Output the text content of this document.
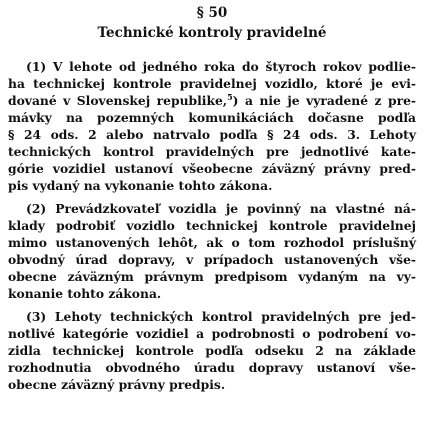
§ 50
Technické kontroly pravidelné
(1) V lehote od jedného roka do štyroch rokov podlie-
ha technickej kontrole pravidelnej vozidlo, ktoré je evi-
dované v Slovenskej republike,$^5$) a nie je vyradené z pre-
mávky na pozemných komunikáciách dočasne podľa
§ 24 ods. 2 alebo natrvalo podľa § 24 ods. 3. Lehoty
technických kontrol pravidelných pre jednotlivé kate-
górie vozidiel ustanoví všeobecne záväzný právny pred-
pis vydaný na vykonanie tohto zákona.
(2) Prevádzkovateľ vozidla je povinný na vlastné ná-
klady podrobiť vozidlo technickej kontrole pravidelnej
mimo ustanovených lehôt, ak o tom rozhodol príslušný
obvodný úrad dopravy, v prípadoch ustanovených vše-
obecne záväzným právnym predpisom vydaným na vy-
konanie tohto zákona.
(3) Lehoty technických kontrol pravidelných pre jed-
notlivé kategórie vozidiel a podrobnosti o podrobení vo-
zidla technickej kontrole podľa odseku 2 na základe
rozhodnutia obvodného úradu dopravy ustanoví vše-
obecne záväzný právny predpis.
